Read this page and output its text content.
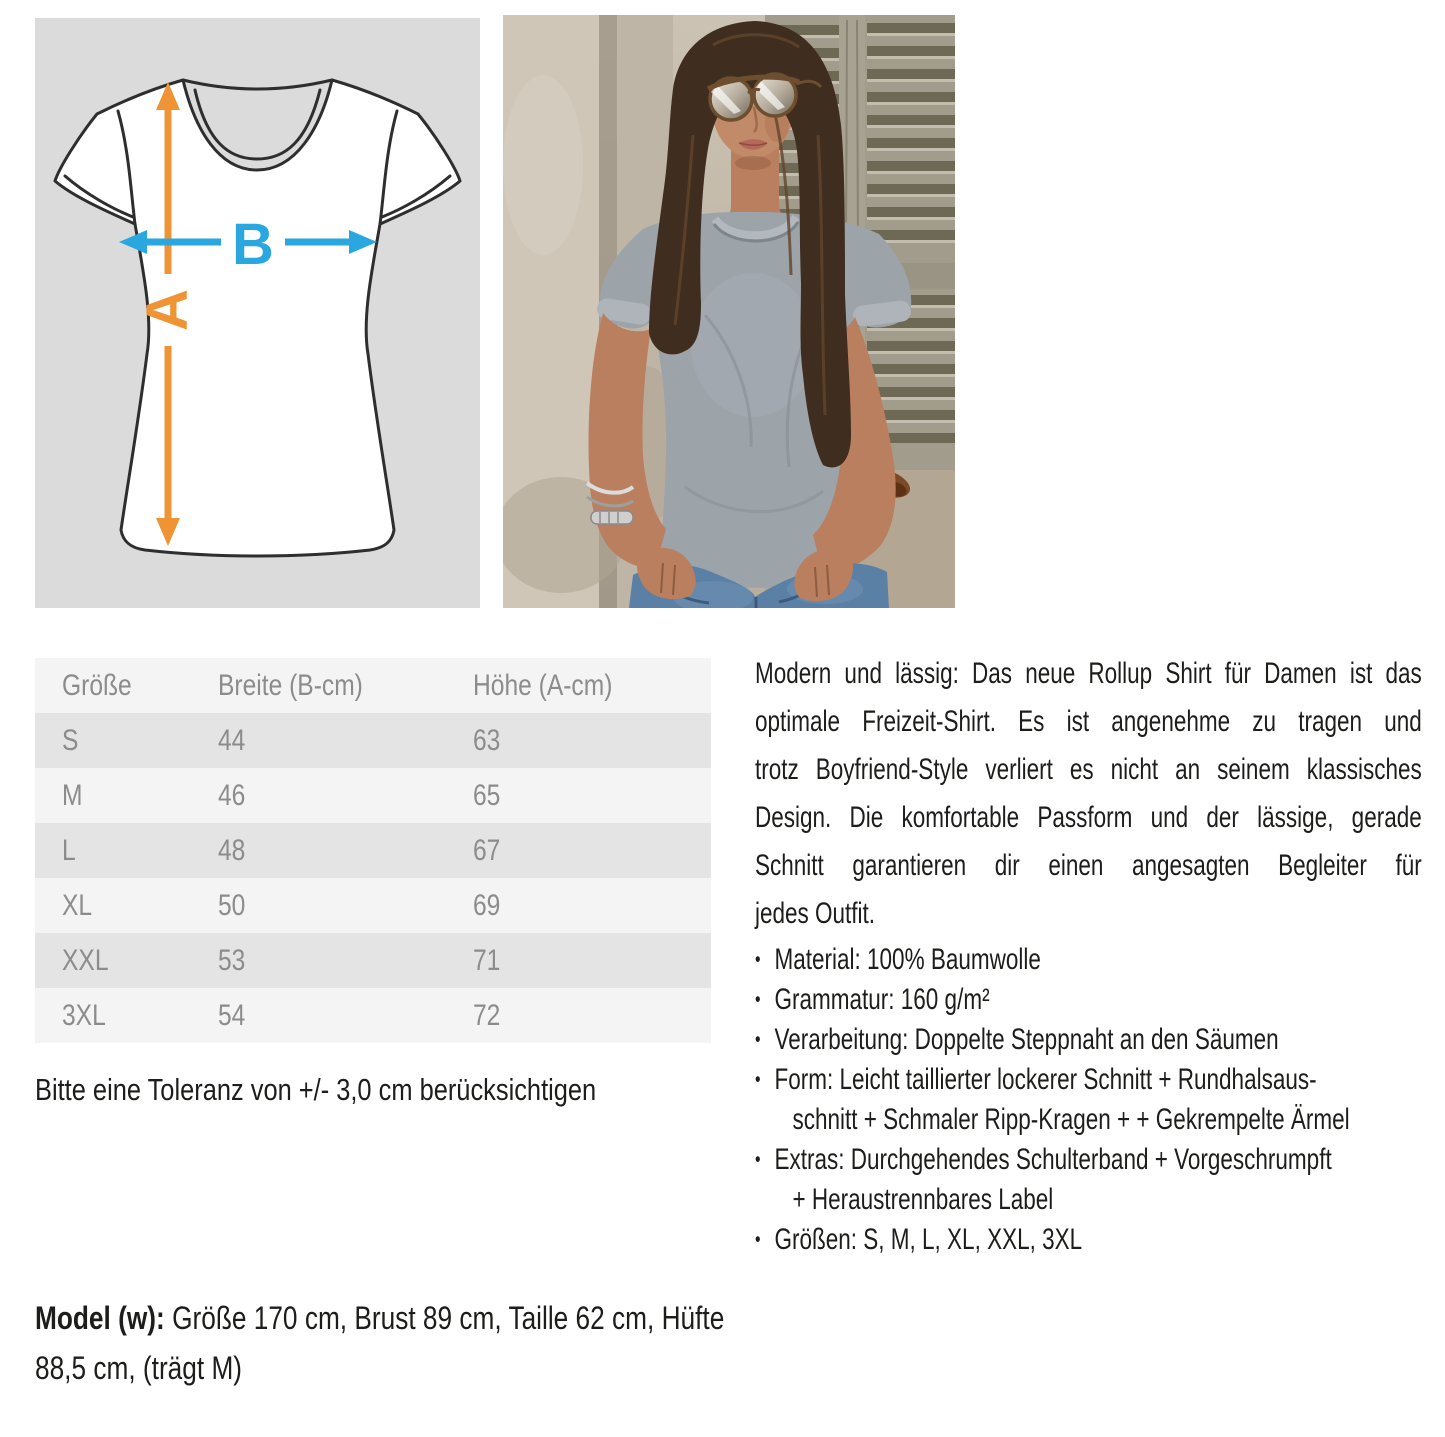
A
B
Größe	Breite (B-cm)	Höhe (A-cm)
S	44	63
M	46	65
L	48	67
XL	50	69
XXL	53	71
3XL	54	72
Bitte eine Toleranz von +/- 3,0 cm berücksichtigen
Modern und lässig: Das neue Rollup Shirt für Damen ist das
optimale Freizeit-Shirt. Es ist angenehme zu tragen und
trotz Boyfriend-Style verliert es nicht an seinem klassisches
Design. Die komfortable Passform und der lässige, gerade
Schnitt garantieren dir einen angesagten Begleiter für
jedes Outfit.
• Material: 100% Baumwolle
• Grammatur: 160 g/m²
• Verarbeitung: Doppelte Steppnaht an den Säumen
• Form: Leicht taillierter lockerer Schnitt + Rundhalsaus-
schnitt + Schmaler Ripp-Kragen + + Gekrempelte Ärmel
• Extras: Durchgehendes Schulterband + Vorgeschrumpft
+ Heraustrennbares Label
• Größen: S, M, L, XL, XXL, 3XL
Model (w): Größe 170 cm, Brust 89 cm, Taille 62 cm, Hüfte
88,5 cm, (trägt M)
